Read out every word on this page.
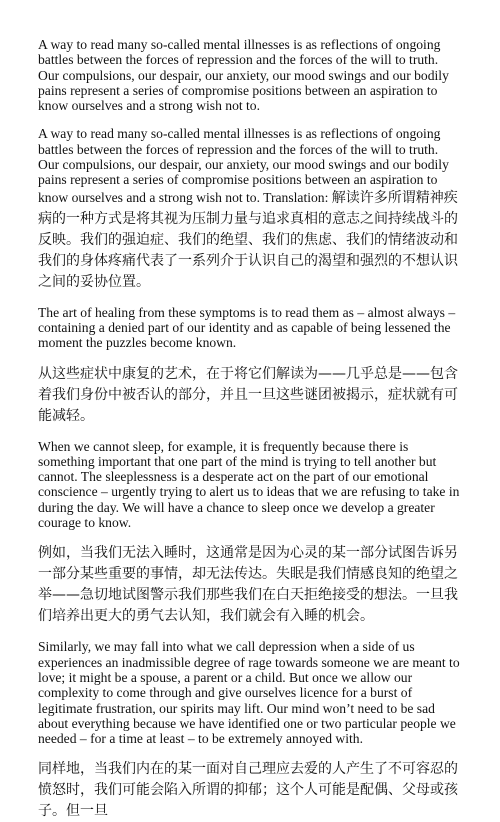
A way to read many so-called mental illnesses is as reflections of ongoing battles between the forces of repression and the forces of the will to truth. Our compulsions, our despair, our anxiety, our mood swings and our bodily pains represent a series of compromise positions between an aspiration to know ourselves and a strong wish not to.

A way to read many so-called mental illnesses is as reflections of ongoing battles between the forces of repression and the forces of the will to truth. Our compulsions, our despair, our anxiety, our mood swings and our bodily pains represent a series of compromise positions between an aspiration to know ourselves and a strong wish not to. Translation: 解读许多所谓精神疾病的一种方式是将其视为压制力量与追求真相的意志之间持续战斗的反映。我们的强迫症、我们的绝望、我们的焦虑、我们的情绪波动和我们的身体疼痛代表了一系列介于认识自己的渴望和强烈的不想认识之间的妥协位置。

The art of healing from these symptoms is to read them as – almost always – containing a denied part of our identity and as capable of being lessened the moment the puzzles become known.

从这些症状中康复的艺术，在于将它们解读为——几乎总是——包含着我们身份中被否认的部分，并且一旦这些谜团被揭示，症状就有可能减轻。

When we cannot sleep, for example, it is frequently because there is something important that one part of the mind is trying to tell another but cannot. The sleeplessness is a desperate act on the part of our emotional conscience – urgently trying to alert us to ideas that we are refusing to take in during the day. We will have a chance to sleep once we develop a greater courage to know.

例如，当我们无法入睡时，这通常是因为心灵的某一部分试图告诉另一部分某些重要的事情，却无法传达。失眠是我们情感良知的绝望之举——急切地试图警示我们那些我们在白天拒绝接受的想法。一旦我们培养出更大的勇气去认知，我们就会有入睡的机会。

Similarly, we may fall into what we call depression when a side of us experiences an inadmissible degree of rage towards someone we are meant to love; it might be a spouse, a parent or a child. But once we allow our complexity to come through and give ourselves licence for a burst of legitimate frustration, our spirits may lift. Our mind won’t need to be sad about everything because we have identified one or two particular people we needed – for a time at least – to be extremely annoyed with.

同样地，当我们内在的某一面对自己理应去爱的人产生了不可容忍的愤怒时，我们可能会陷入所谓的抑郁；这个人可能是配偶、父母或孩子。但一旦
